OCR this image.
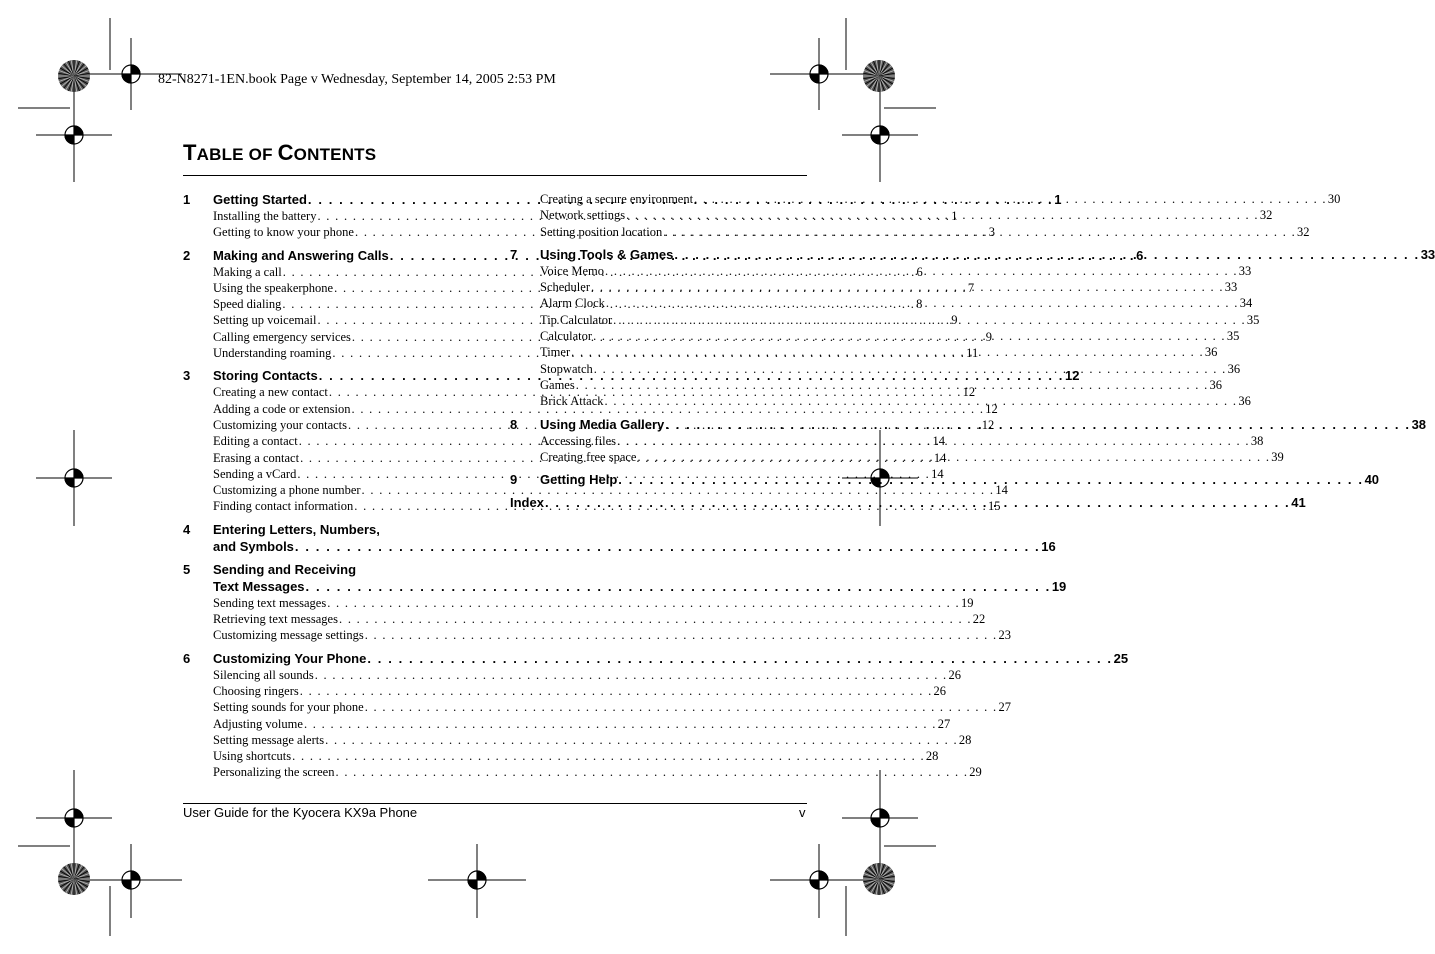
82-N8271-1EN.book Page v Wednesday, September 14, 2005 2:53 PM
TABLE OF CONTENTS
1	Getting Started . . .	1
Installing the battery . . .	1
Getting to know your phone . . .	3
2	Making and Answering Calls . . .	6
Making a call . . .	6
Using the speakerphone . . .	7
Speed dialing . . .	8
Setting up voicemail . . .	9
Calling emergency services . . .	9
Understanding roaming . . .	11
3	Storing Contacts . . .	12
Creating a new contact . . .	12
Adding a code or extension . . .	12
Customizing your contacts . . .	12
Editing a contact . . .	14
Erasing a contact . . .	14
Sending a vCard . . .	14
Customizing a phone number . . .	14
Finding contact information . . .	15
4	Entering Letters, Numbers,
and Symbols . . .	16
5	Sending and Receiving
Text Messages . . .	19
Sending text messages . . .	19
Retrieving text messages . . .	22
Customizing message settings . . .	23
6	Customizing Your Phone . . .	25
Silencing all sounds . . .	26
Choosing ringers . . .	26
Setting sounds for your phone . . .	27
Adjusting volume . . .	27
Setting message alerts . . .	28
Using shortcuts . . .	28
Personalizing the screen . . .	29
Creating a secure environment . . .	30
Network settings . . .	32
Setting position location . . .	32
7	Using Tools & Games . . .	33
Voice Memo . . .	33
Scheduler . . .	33
Alarm Clock . . .	34
Tip Calculator . . .	35
Calculator . . .	35
Timer . . .	36
Stopwatch . . .	36
Games . . .	36
Brick Attack . . .	36
8	Using Media Gallery . . .	38
Accessing files . . .	38
Creating free space . . .	39
9	Getting Help . . .	40
Index . . .	41
User Guide for the Kyocera KX9a Phone	v
